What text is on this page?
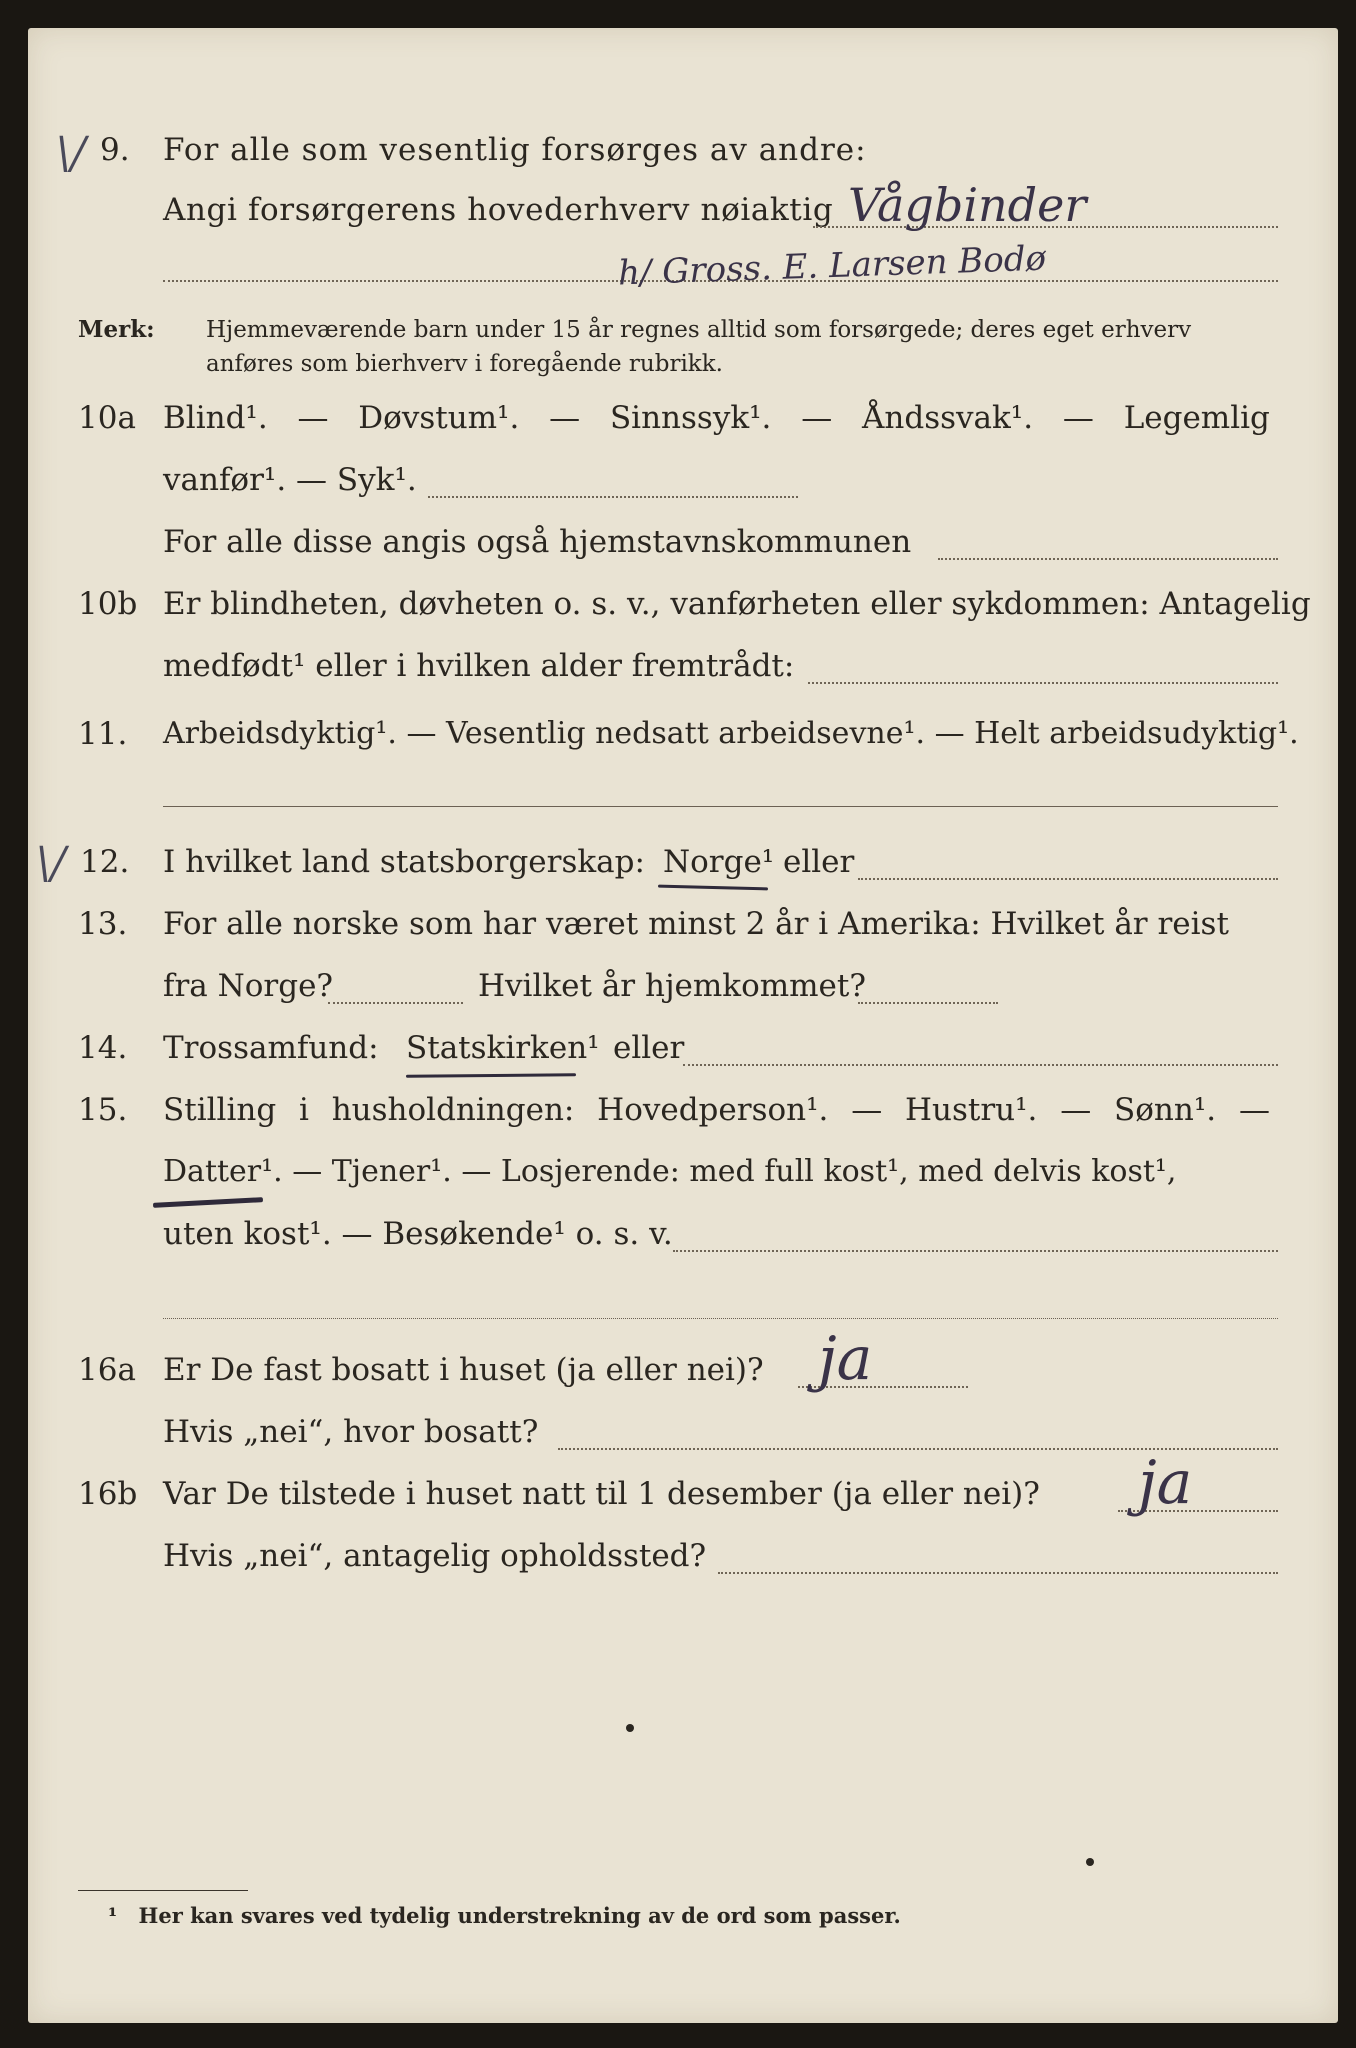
\/ 9. For alle som vesentlig forsørges av andre:
Angi forsørgerens hovederhverv nøiaktig Vågbinder
h/ Gross. E. Larsen Bodø
Merk: Hjemmeværende barn under 15 år regnes alltid som forsørgede; deres eget erhverv
anføres som bierhverv i foregående rubrikk.
10a Blind¹. — Døvstum¹. — Sinnssyk¹. — Åndssvak¹. — Legemlig
vanfør¹. — Syk¹.
For alle disse angis også hjemstavnskommunen
10b Er blindheten, døvheten o. s. v., vanførheten eller sykdommen: Antagelig
medfødt¹ eller i hvilken alder fremtrådt:
11. Arbeidsdyktig¹. — Vesentlig nedsatt arbeidsevne¹. — Helt arbeidsudyktig¹.
\/ 12. I hvilket land statsborgerskap: Norge¹ eller
13. For alle norske som har været minst 2 år i Amerika: Hvilket år reist
fra Norge?	Hvilket år hjemkommet?
14. Trossamfund: Statskirken¹ eller
15. Stilling i husholdningen: Hovedperson¹. — Hustru¹. — Sønn¹. —
Datter¹. — Tjener¹. — Losjerende: med full kost¹, med delvis kost¹,
uten kost¹. — Besøkende¹ o. s. v.
16a Er De fast bosatt i huset (ja eller nei)? ja
Hvis „nei“, hvor bosatt?
16b Var De tilstede i huset natt til 1 desember (ja eller nei)? ja
Hvis „nei“, antagelig opholdssted?
¹ Her kan svares ved tydelig understrekning av de ord som passer.
